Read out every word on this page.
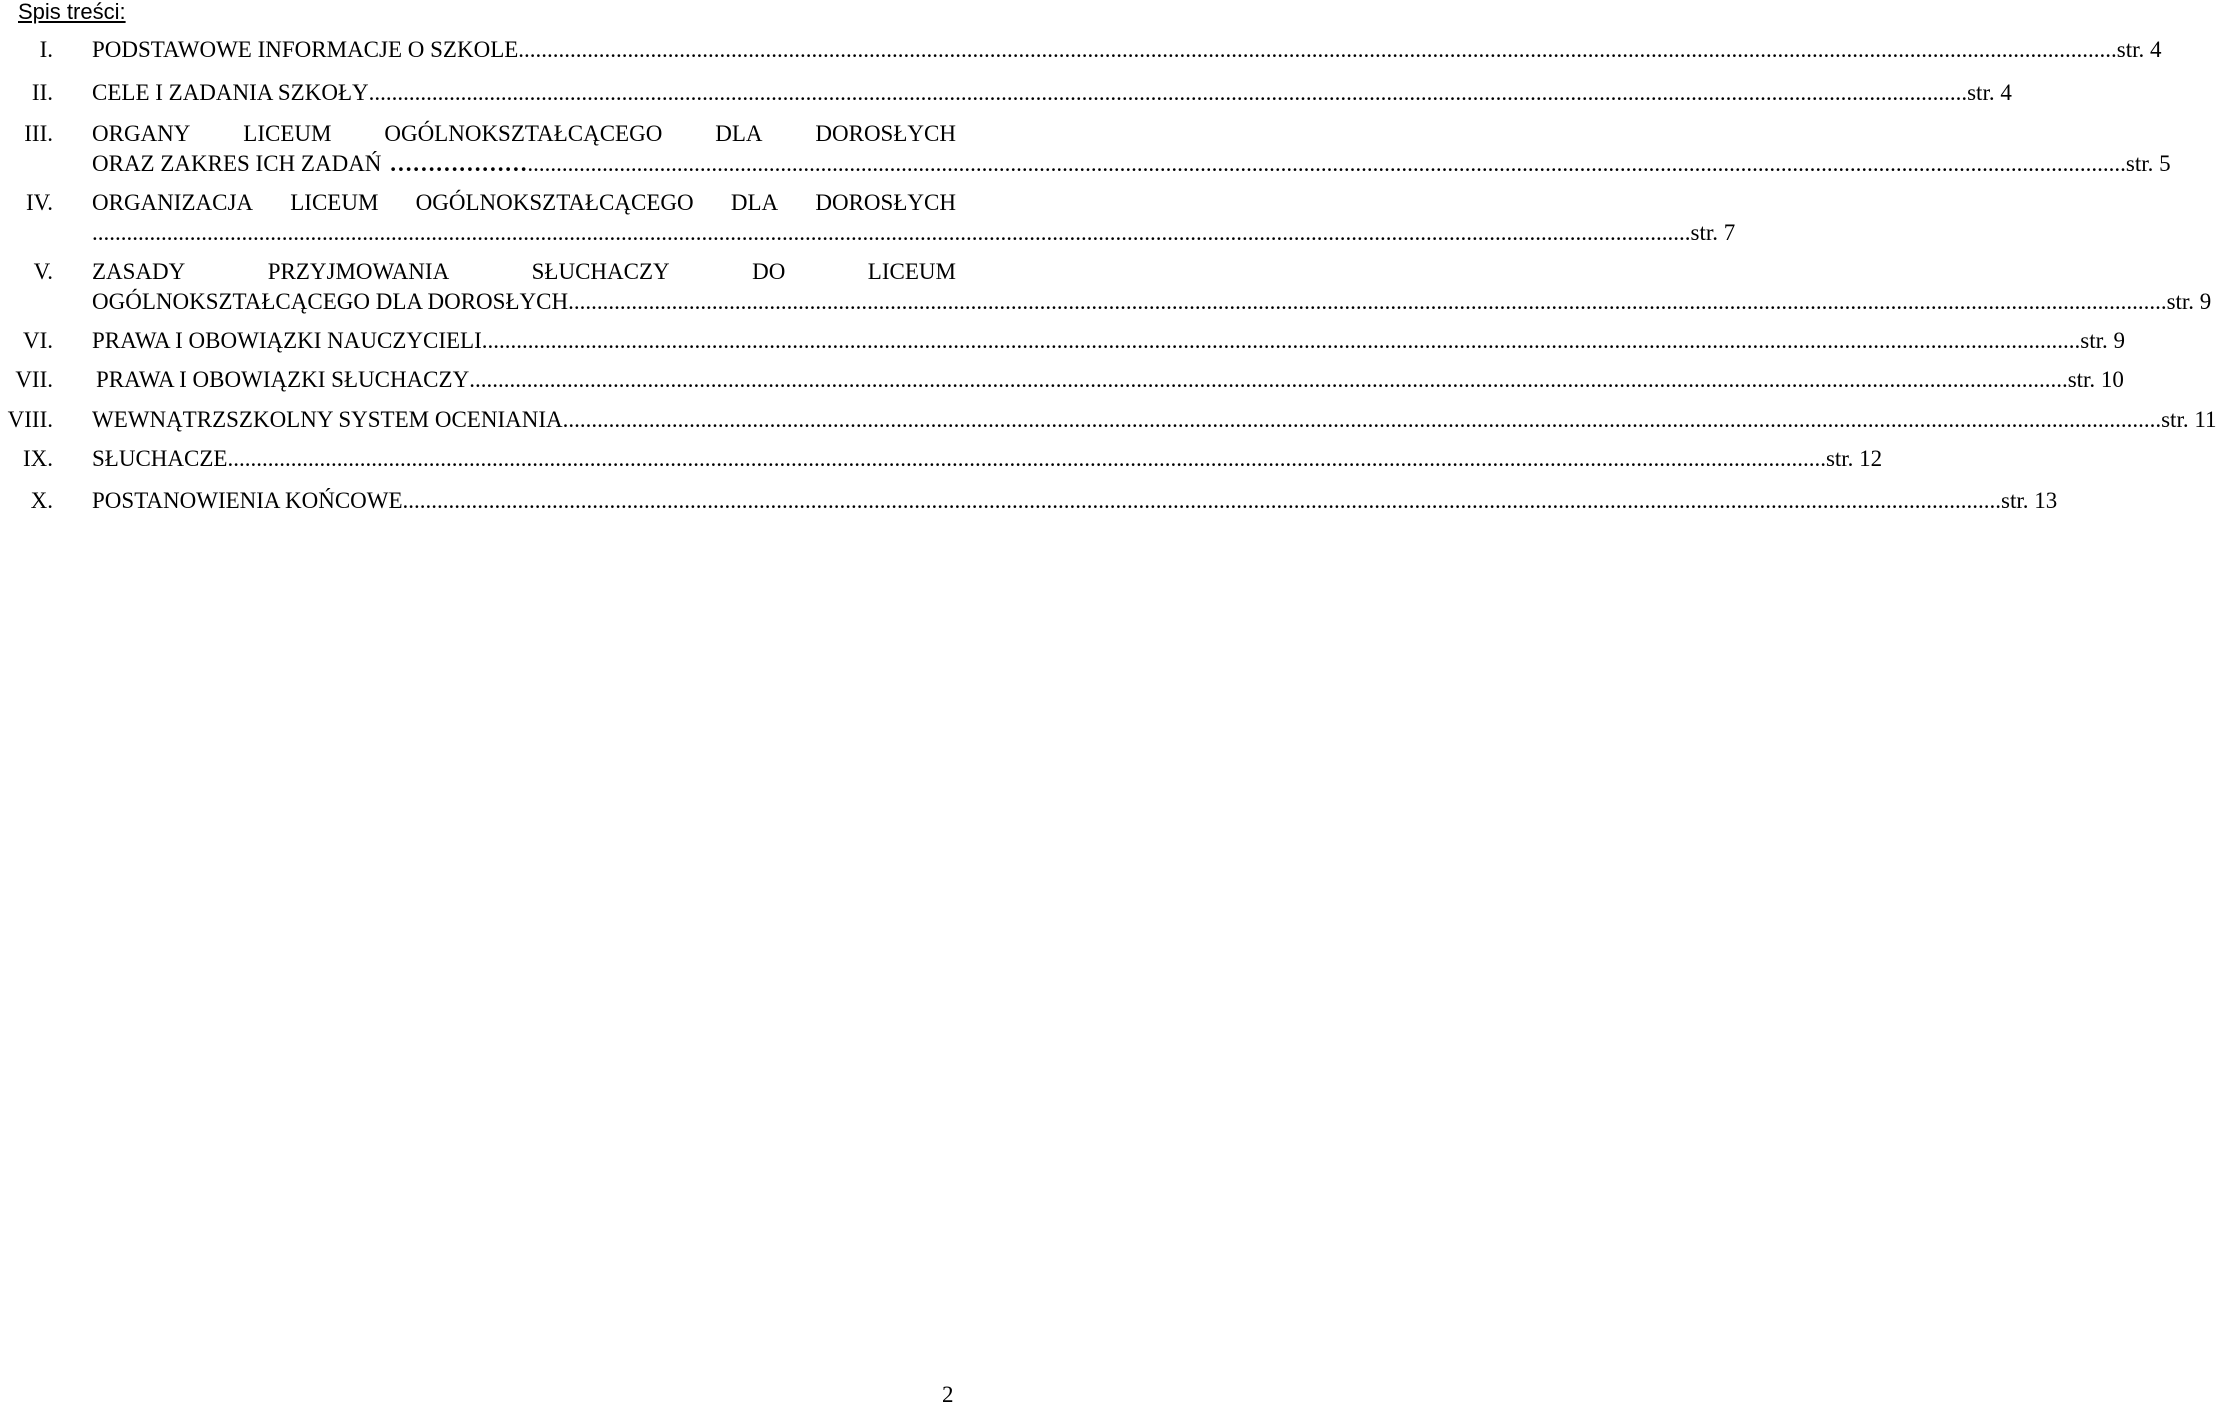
Spis treści:
I. PODSTAWOWE INFORMACJE O SZKOLE ...................................................................................................................................................................................................................................................................................... str. 4
II. CELE I ZADANIA SZKOŁY ...................................................................................................................................................................................................................................................................................... str. 4
III. ORGANY LICEUM OGÓLNOKSZTAŁCĄCEGO DLA DOROSŁYCH
ORAZ ZAKRES ICH ZADAŃ ……………… ...................................................................................................................................................................................................................................................................................... str. 5
IV. ORGANIZACJA LICEUM OGÓLNOKSZTAŁCĄCEGO DLA DOROSŁYCH
...................................................................................................................................................................................................................................................................................... str. 7
V. ZASADY	PRZYJMOWANIA	SŁUCHACZY	DO	LICEUM
OGÓLNOKSZTAŁCĄCEGO DLA DOROSŁYCH ...................................................................................................................................................................................................................................................................................... str. 9
VI. PRAWA I OBOWIĄZKI NAUCZYCIELI ...................................................................................................................................................................................................................................................................................... str. 9
VII. PRAWA I OBOWIĄZKI SŁUCHACZY ...................................................................................................................................................................................................................................................................................... str. 10
VIII. WEWNĄTRZSZKOLNY SYSTEM OCENIANIA ...................................................................................................................................................................................................................................................................................... str. 11
IX. SŁUCHACZE ...................................................................................................................................................................................................................................................................................... str. 12
X. POSTANOWIENIA KOŃCOWE ...................................................................................................................................................................................................................................................................................... str. 13
2
